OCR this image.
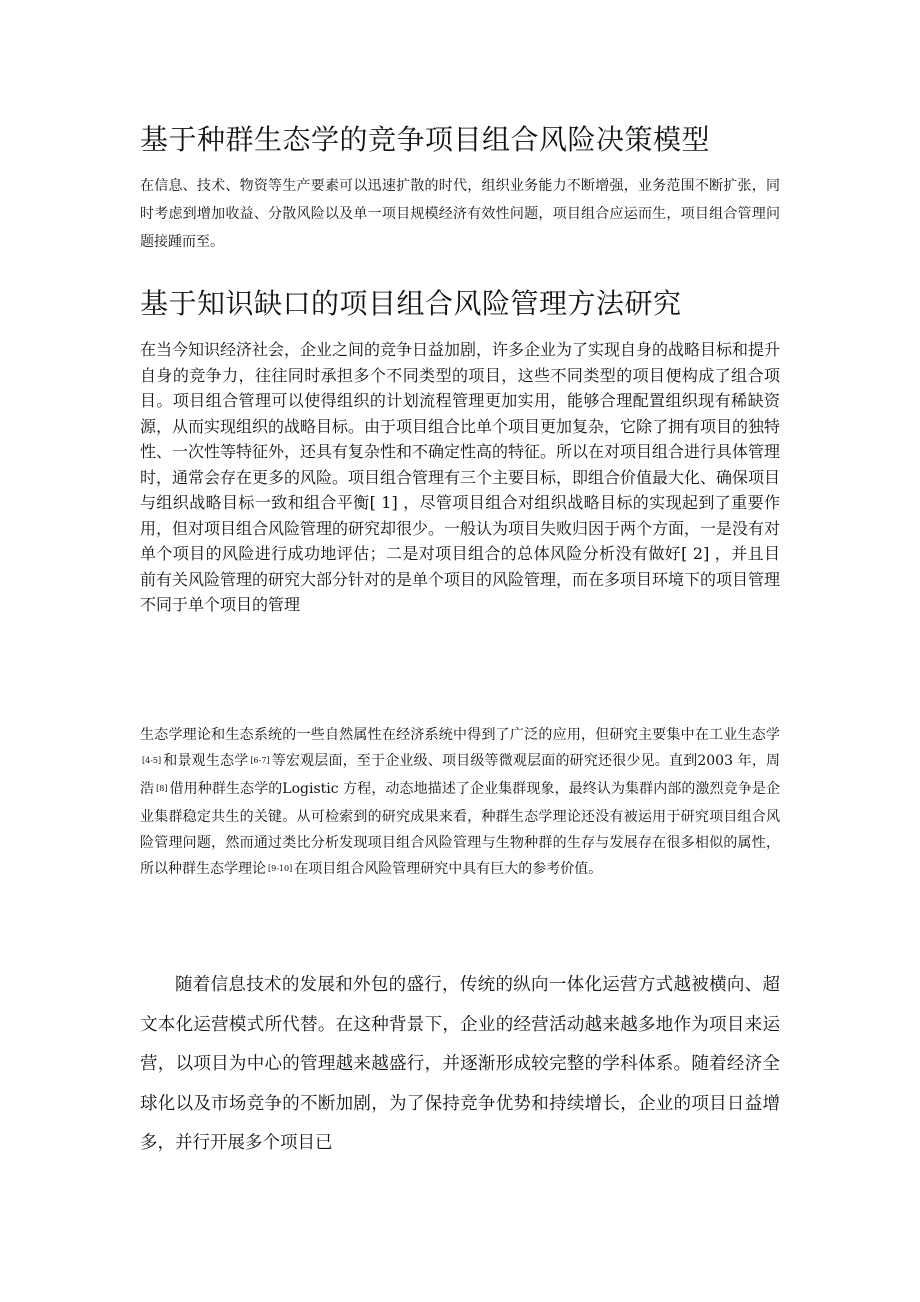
基于种群生态学的竞争项目组合风险决策模型

在信息、技术、物资等生产要素可以迅速扩散的时代，组织业务能力不断增强，业务范围不断扩张，同时考虑到增加收益、分散风险以及单一项目规模经济有效性问题，项目组合应运而生，项目组合管理问题接踵而至。

基于知识缺口的项目组合风险管理方法研究

在当今知识经济社会，企业之间的竞争日益加剧，许多企业为了实现自身的战略目标和提升自身的竞争力，往往同时承担多个不同类型的项目，这些不同类型的项目便构成了组合项目。项目组合管理可以使得组织的计划流程管理更加实用，能够合理配置组织现有稀缺资源，从而实现组织的战略目标。由于项目组合比单个项目更加复杂，它除了拥有项目的独特性、一次性等特征外，还具有复杂性和不确定性高的特征。所以在对项目组合进行具体管理时，通常会存在更多的风险。项目组合管理有三个主要目标，即组合价值最大化、确保项目与组织战略目标一致和组合平衡[ 1] ，尽管项目组合对组织战略目标的实现起到了重要作用，但对项目组合风险管理的研究却很少。一般认为项目失败归因于两个方面，一是没有对单个项目的风险进行成功地评估；二是对项目组合的总体风险分析没有做好[ 2] ，并且目前有关风险管理的研究大部分针对的是单个项目的风险管理，而在多项目环境下的项目管理不同于单个项目的管理

生态学理论和生态系统的一些自然属性在经济系统中得到了广泛的应用，但研究主要集中在工业生态学[4-5] 和景观生态学 [6-7] 等宏观层面，至于企业级、项目级等微观层面的研究还很少见。直到2003 年，周浩 [8] 借用种群生态学的Logistic 方程，动态地描述了企业集群现象，最终认为集群内部的激烈竞争是企业集群稳定共生的关键。从可检索到的研究成果来看，种群生态学理论还没有被运用于研究项目组合风险管理问题，然而通过类比分析发现项目组合风险管理与生物种群的生存与发展存在很多相似的属性，所以种群生态学理论 [9-10] 在项目组合风险管理研究中具有巨大的参考价值。

随着信息技术的发展和外包的盛行，传统的纵向一体化运营方式越被横向、超文本化运营模式所代替。在这种背景下，企业的经营活动越来越多地作为项目来运营，以项目为中心的管理越来越盛行，并逐渐形成较完整的学科体系。随着经济全球化以及市场竞争的不断加剧，为了保持竞争优势和持续增长，企业的项目日益增多，并行开展多个项目已
